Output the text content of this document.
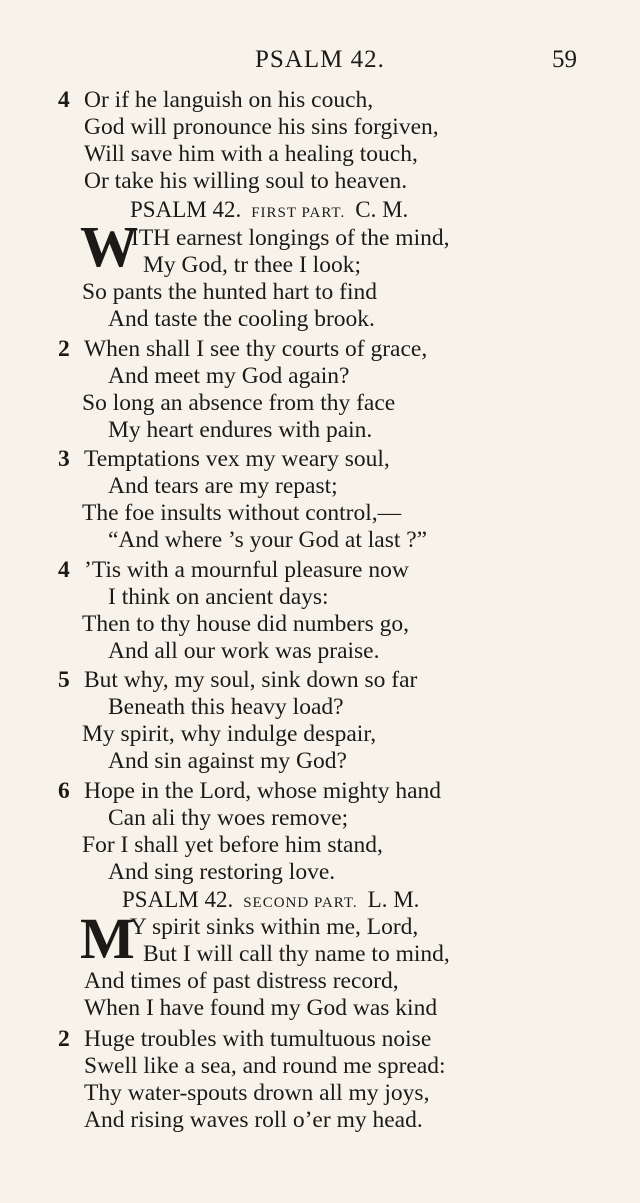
PSALM 42.	59
4 Or if he languish on his couch,
God will pronounce his sins forgiven,
Will save him with a healing touch,
Or take his willing soul to heaven.
PSALM 42. FIRST PART. C. M.
W
ITH earnest longings of the mind,
My God, tr thee I look;
So pants the hunted hart to find
And taste the cooling brook.
2 When shall I see thy courts of grace,
And meet my God again?
So long an absence from thy face
My heart endures with pain.
3 Temptations vex my weary soul,
And tears are my repast;
The foe insults without control,—
“And where ’s your God at last ?”
4 ’Tis with a mournful pleasure now
I think on ancient days:
Then to thy house did numbers go,
And all our work was praise.
5 But why, my soul, sink down so far
Beneath this heavy load?
My spirit, why indulge despair,
And sin against my God?
6 Hope in the Lord, whose mighty hand
Can ali thy woes remove;
For I shall yet before him stand,
And sing restoring love.
PSALM 42. SECOND PART. L. M.
M
Y spirit sinks within me, Lord,
But I will call thy name to mind,
And times of past distress record,
When I have found my God was kind
2 Huge troubles with tumultuous noise
Swell like a sea, and round me spread:
Thy water-spouts drown all my joys,
And rising waves roll o’er my head.
